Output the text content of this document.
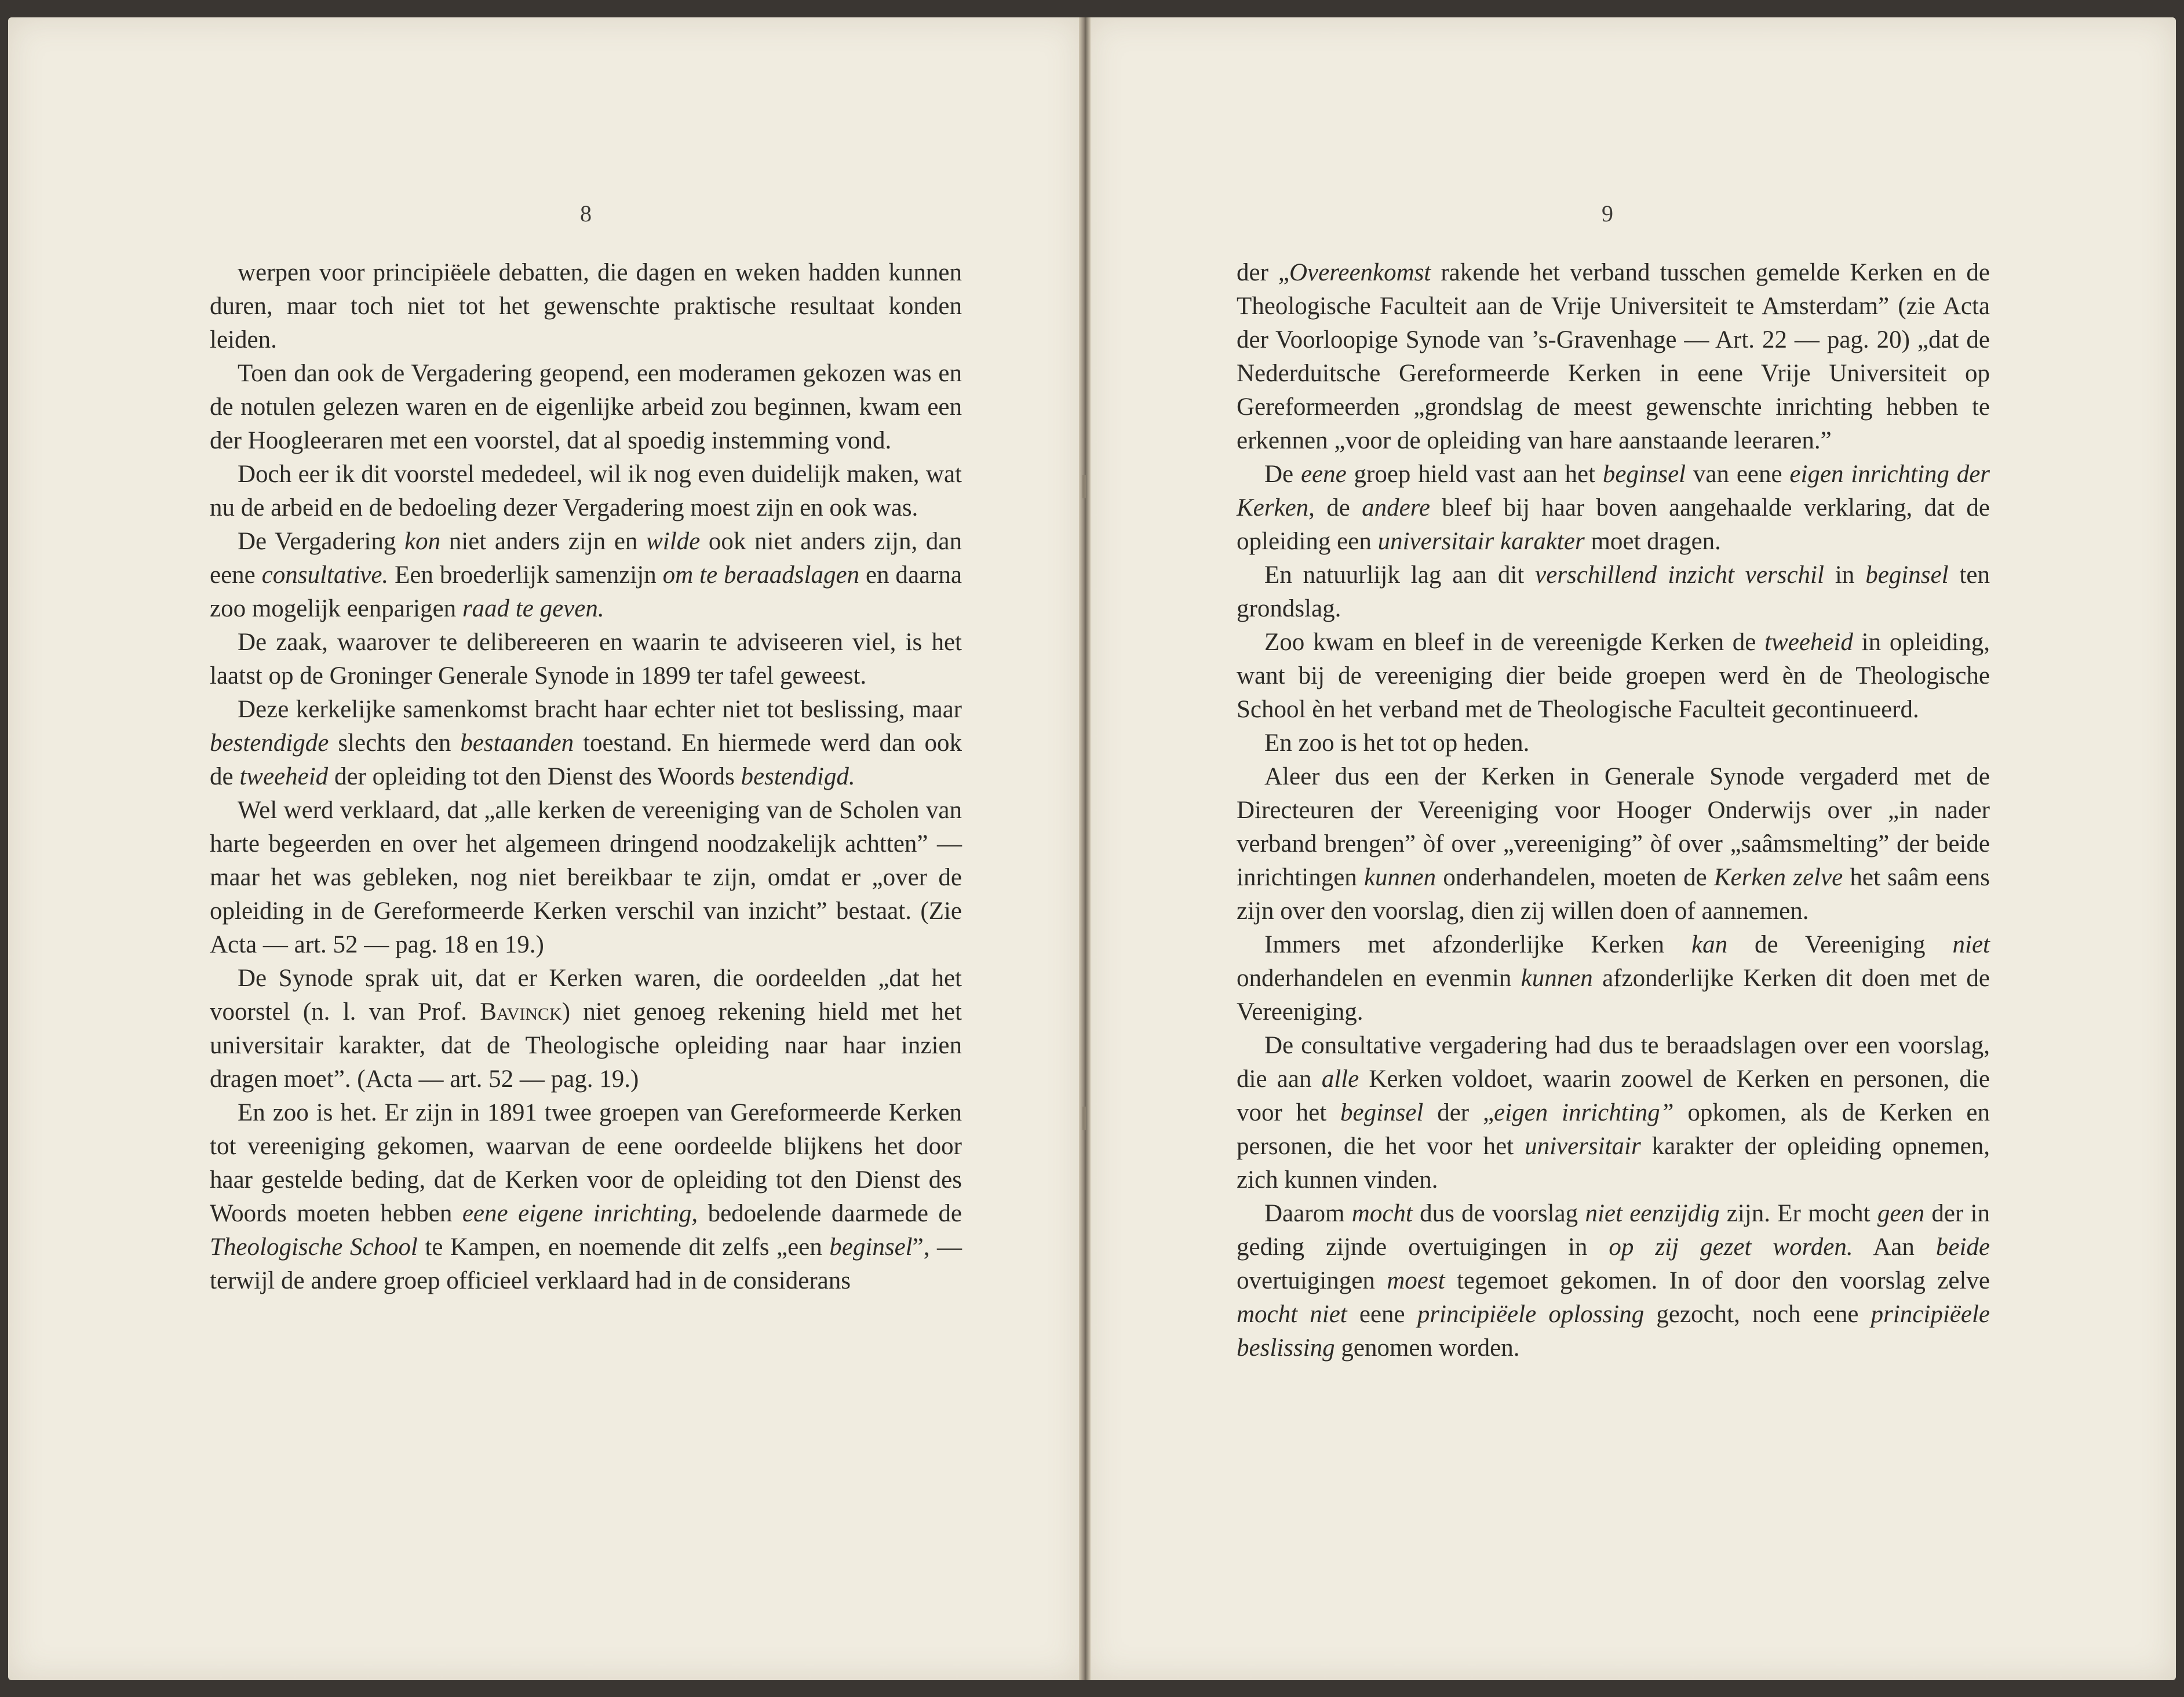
8

werpen voor principiëele debatten, die dagen en weken hadden kunnen duren, maar toch niet tot het gewenschte praktische resultaat konden leiden.

Toen dan ook de Vergadering geopend, een moderamen gekozen was en de notulen gelezen waren en de eigenlijke arbeid zou beginnen, kwam een der Hoogleeraren met een voorstel, dat al spoedig instemming vond.

Doch eer ik dit voorstel mededeel, wil ik nog even duidelijk maken, wat nu de arbeid en de bedoeling dezer Vergadering moest zijn en ook was.

De Vergadering kon niet anders zijn en wilde ook niet anders zijn, dan eene consultative. Een broederlijk samenzijn om te beraadslagen en daarna zoo mogelijk eenparigen raad te geven.

De zaak, waarover te delibereeren en waarin te adviseeren viel, is het laatst op de Groninger Generale Synode in 1899 ter tafel geweest.

Deze kerkelijke samenkomst bracht haar echter niet tot beslissing, maar bestendigde slechts den bestaanden toestand. En hiermede werd dan ook de tweeheid der opleiding tot den Dienst des Woords bestendigd.

Wel werd verklaard, dat „alle kerken de vereeniging van de Scholen van harte begeerden en over het algemeen dringend noodzakelijk achtten” — maar het was gebleken, nog niet bereikbaar te zijn, omdat er „over de opleiding in de Gereformeerde Kerken verschil van inzicht” bestaat. (Zie Acta — art. 52 — pag. 18 en 19.)

De Synode sprak uit, dat er Kerken waren, die oordeelden „dat het voorstel (n. l. van Prof. Bavinck) niet genoeg rekening hield met het universitair karakter, dat de Theologische opleiding naar haar inzien dragen moet”. (Acta — art. 52 — pag. 19.)

En zoo is het. Er zijn in 1891 twee groepen van Gereformeerde Kerken tot vereeniging gekomen, waarvan de eene oordeelde blijkens het door haar gestelde beding, dat de Kerken voor de opleiding tot den Dienst des Woords moeten hebben eene eigene inrichting, bedoelende daarmede de Theologische School te Kampen, en noemende dit zelfs „een beginsel”, — terwijl de andere groep officieel verklaard had in de considerans

9

der „Overeenkomst rakende het verband tusschen gemelde Kerken en de Theologische Faculteit aan de Vrije Universiteit te Amsterdam” (zie Acta der Voorloopige Synode van ’s-Gravenhage — Art. 22 — pag. 20) „dat de Nederduitsche Gereformeerde Kerken in eene Vrije Universiteit op Gereformeerden „grondslag de meest gewenschte inrichting hebben te erkennen „voor de opleiding van hare aanstaande leeraren.”

De eene groep hield vast aan het beginsel van eene eigen inrichting der Kerken, de andere bleef bij haar boven aangehaalde verklaring, dat de opleiding een universitair karakter moet dragen.

En natuurlijk lag aan dit verschillend inzicht verschil in beginsel ten grondslag.

Zoo kwam en bleef in de vereenigde Kerken de tweeheid in opleiding, want bij de vereeniging dier beide groepen werd èn de Theologische School èn het verband met de Theologische Faculteit gecontinueerd.

En zoo is het tot op heden.

Aleer dus een der Kerken in Generale Synode vergaderd met de Directeuren der Vereeniging voor Hooger Onderwijs over „in nader verband brengen” òf over „vereeniging” òf over „saâmsmelting” der beide inrichtingen kunnen onderhandelen, moeten de Kerken zelve het saâm eens zijn over den voorslag, dien zij willen doen of aannemen.

Immers met afzonderlijke Kerken kan de Vereeniging niet onderhandelen en evenmin kunnen afzonderlijke Kerken dit doen met de Vereeniging.

De consultative vergadering had dus te beraadslagen over een voorslag, die aan alle Kerken voldoet, waarin zoowel de Kerken en personen, die voor het beginsel der „eigen inrichting” opkomen, als de Kerken en personen, die het voor het universitair karakter der opleiding opnemen, zich kunnen vinden.

Daarom mocht dus de voorslag niet eenzijdig zijn. Er mocht geen der in geding zijnde overtuigingen in op zij gezet worden. Aan beide overtuigingen moest tegemoet gekomen. In of door den voorslag zelve mocht niet eene principiëele oplossing gezocht, noch eene principiëele beslissing genomen worden.
